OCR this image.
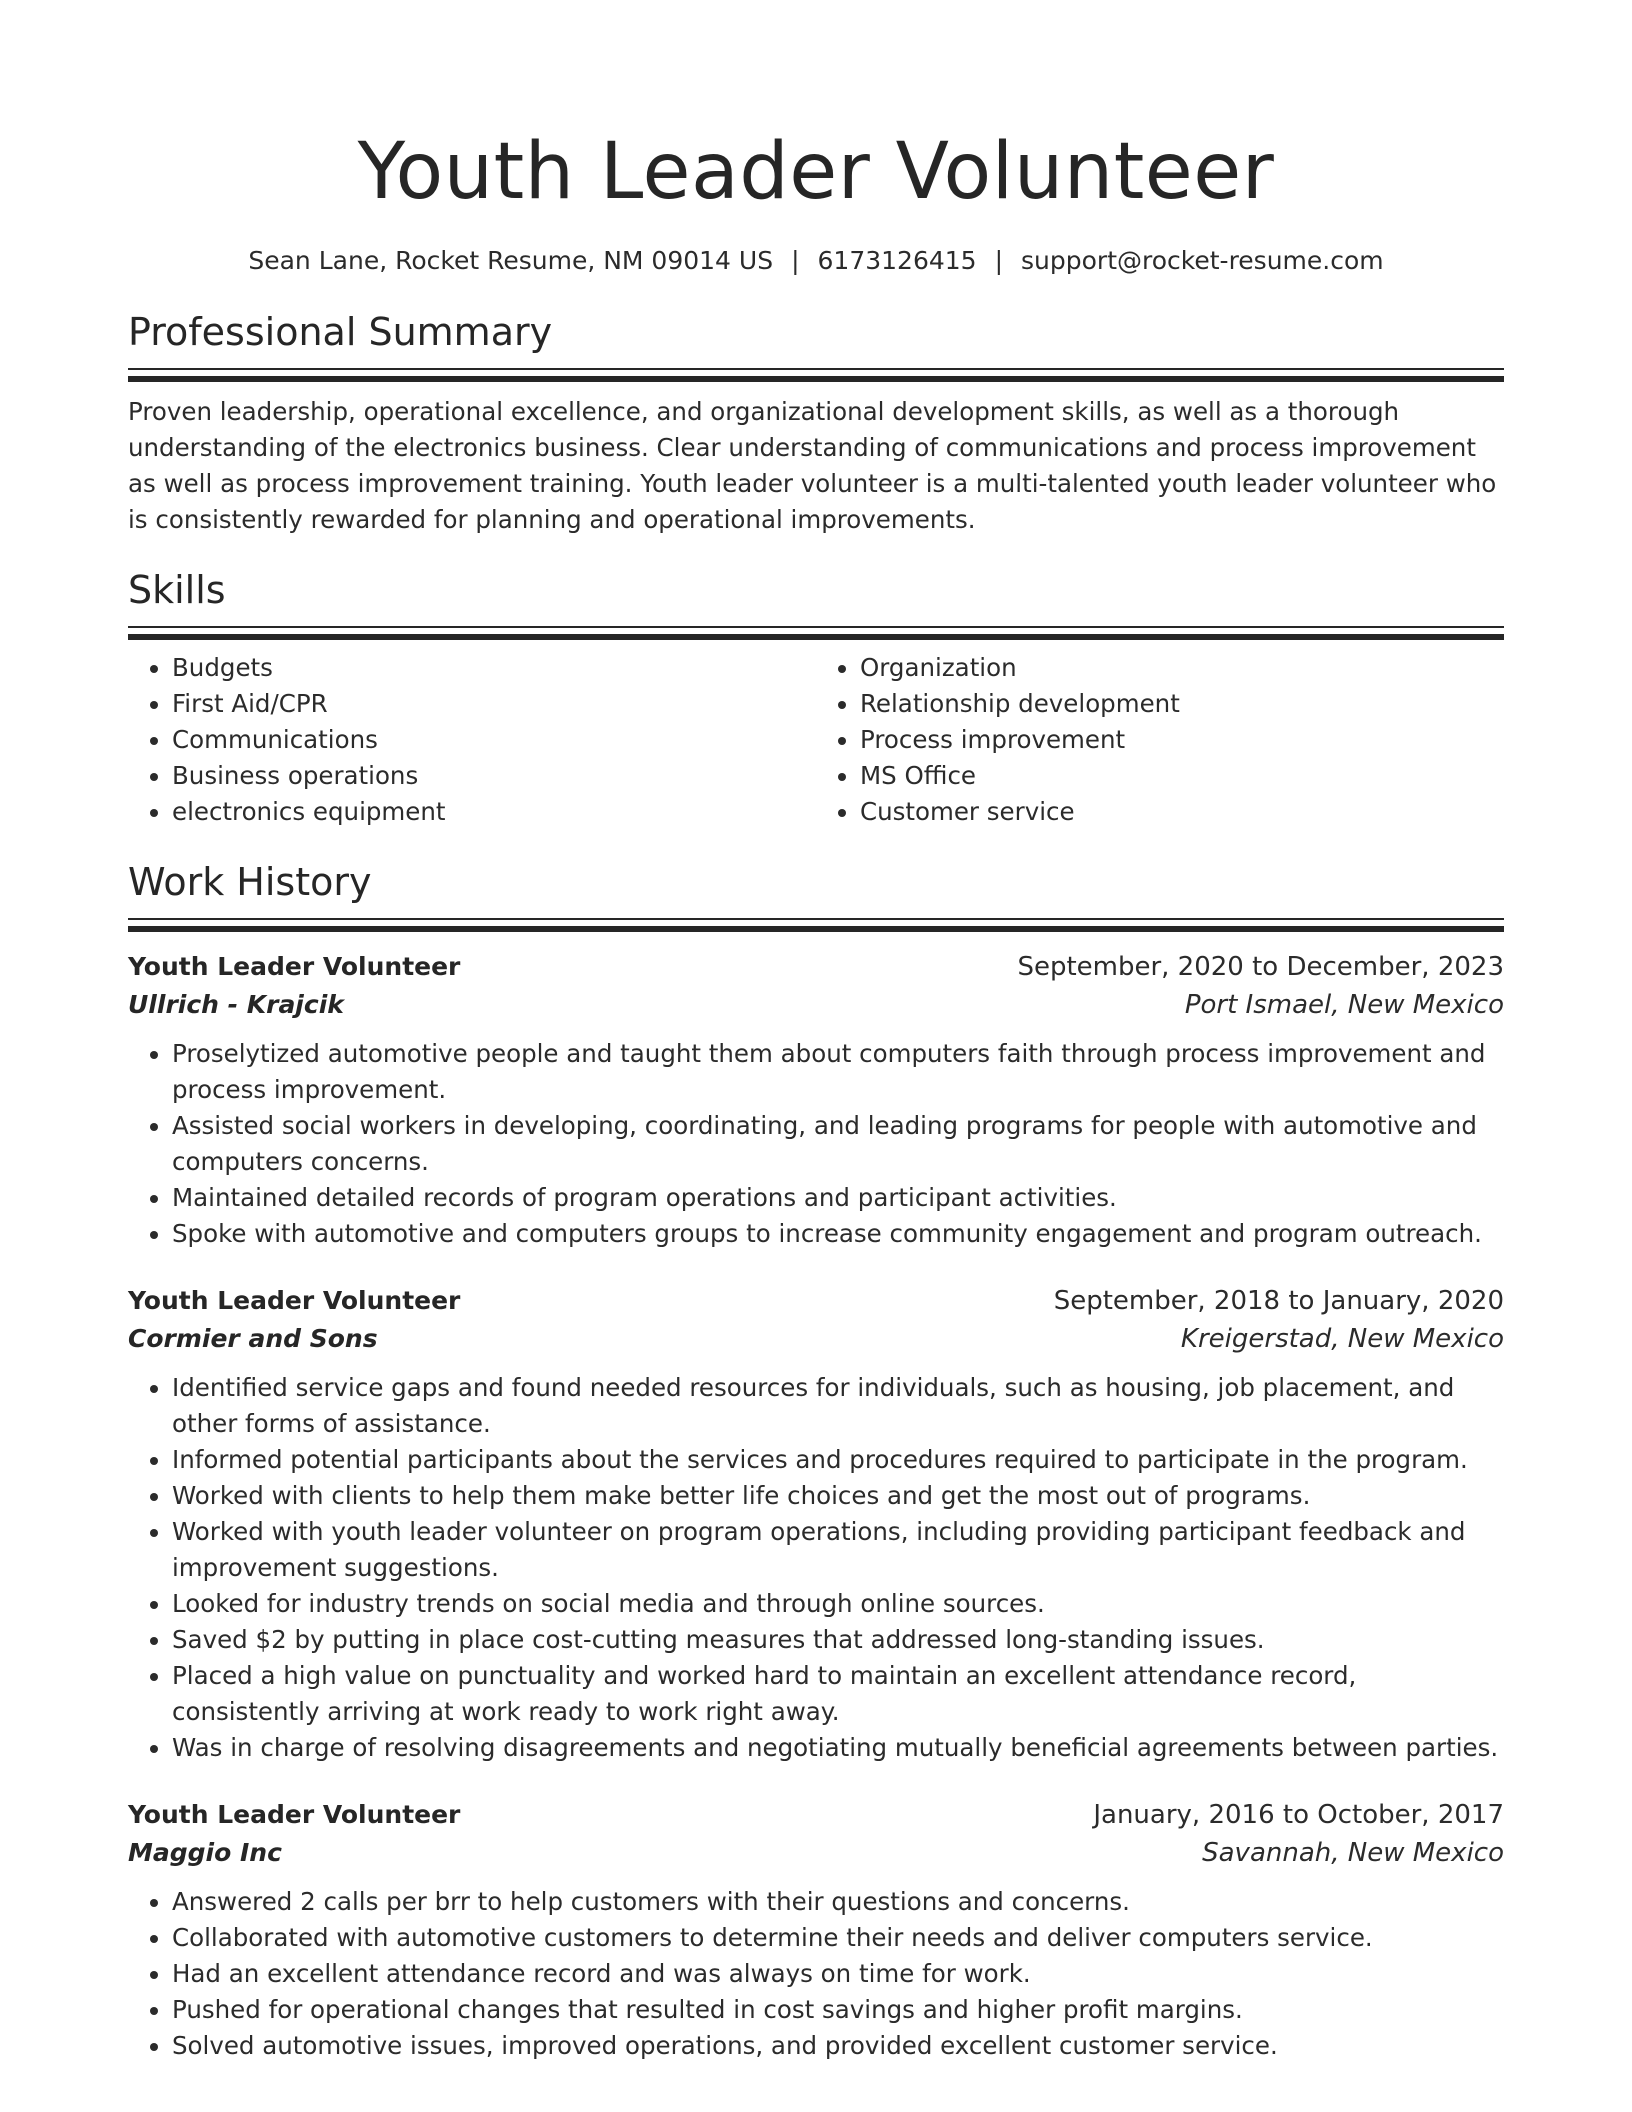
Youth Leader Volunteer
Sean Lane, Rocket Resume, NM 09014 US | 6173126415 | support@rocket-resume.com
Professional Summary

Proven leadership, operational excellence, and organizational development skills, as well as a thorough understanding of the electronics business. Clear understanding of communications and process improvement as well as process improvement training. Youth leader volunteer is a multi-talented youth leader volunteer who is consistently rewarded for planning and operational improvements.

Skills
• Budgets
• First Aid/CPR
• Communications
• Business operations
• electronics equipment
• Organization
• Relationship development
• Process improvement
• MS Office
• Customer service
Work History
Youth Leader Volunteer	September, 2020 to December, 2023
Ullrich - Krajcik	Port Ismael, New Mexico
• Proselytized automotive people and taught them about computers faith through process improvement and process improvement.
• Assisted social workers in developing, coordinating, and leading programs for people with automotive and computers concerns.
• Maintained detailed records of program operations and participant activities.
• Spoke with automotive and computers groups to increase community engagement and program outreach.
Youth Leader Volunteer	September, 2018 to January, 2020
Cormier and Sons	Kreigerstad, New Mexico
• Identified service gaps and found needed resources for individuals, such as housing, job placement, and other forms of assistance.
• Informed potential participants about the services and procedures required to participate in the program.
• Worked with clients to help them make better life choices and get the most out of programs.
• Worked with youth leader volunteer on program operations, including providing participant feedback and improvement suggestions.
• Looked for industry trends on social media and through online sources.
• Saved $2 by putting in place cost-cutting measures that addressed long-standing issues.
• Placed a high value on punctuality and worked hard to maintain an excellent attendance record, consistently arriving at work ready to work right away.
• Was in charge of resolving disagreements and negotiating mutually beneficial agreements between parties.
Youth Leader Volunteer	January, 2016 to October, 2017
Maggio Inc	Savannah, New Mexico
• Answered 2 calls per brr to help customers with their questions and concerns.
• Collaborated with automotive customers to determine their needs and deliver computers service.
• Had an excellent attendance record and was always on time for work.
• Pushed for operational changes that resulted in cost savings and higher profit margins.
• Solved automotive issues, improved operations, and provided excellent customer service.
